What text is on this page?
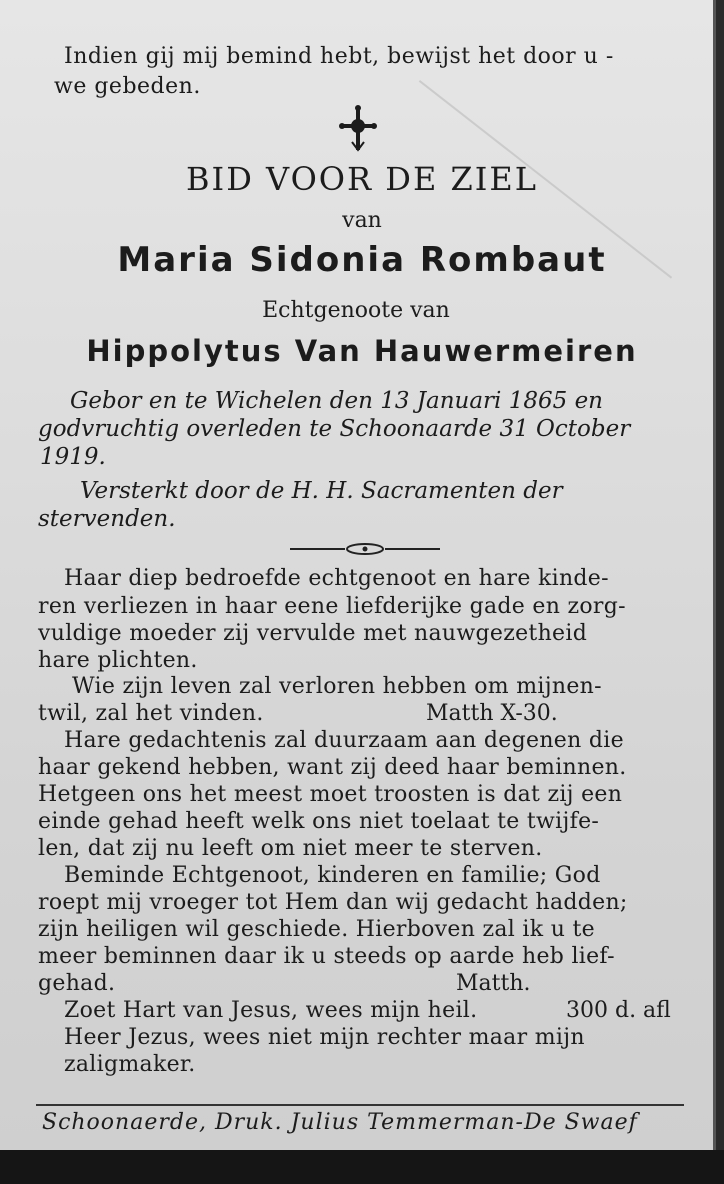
Indien gij mij bemind hebt, bewijst het door u -
we gebeden.
BID VOOR DE ZIEL
van
Maria Sidonia Rombaut
Echtgenoote van
Hippolytus Van Hauwermeiren
Gebor en te Wichelen den 13 Januari 1865 en
godvruchtig overleden te Schoonaarde 31 October
1919.
Versterkt door de H. H. Sacramenten der
stervenden.
Haar diep bedroefde echtgenoot en hare kinde-
ren verliezen in haar eene liefderijke gade en zorg-
vuldige moeder zij vervulde met nauwgezetheid
hare plichten.
Wie zijn leven zal verloren hebben om mijnen-
twil, zal het vinden.	Matth X-30.
Hare gedachtenis zal duurzaam aan degenen die
haar gekend hebben, want zij deed haar beminnen.
Hetgeen ons het meest moet troosten is dat zij een
einde gehad heeft welk ons niet toelaat te twijfe-
len, dat zij nu leeft om niet meer te sterven.
Beminde Echtgenoot, kinderen en familie; God
roept mij vroeger tot Hem dan wij gedacht hadden;
zijn heiligen wil geschiede. Hierboven zal ik u te
meer beminnen daar ik u steeds op aarde heb lief-
gehad.	Matth.
Zoet Hart van Jesus, wees mijn heil.	300 d. afl
Heer Jezus, wees niet mijn rechter maar mijn
zaligmaker.
Schoonaerde, Druk. Julius Temmerman-De Swaef
